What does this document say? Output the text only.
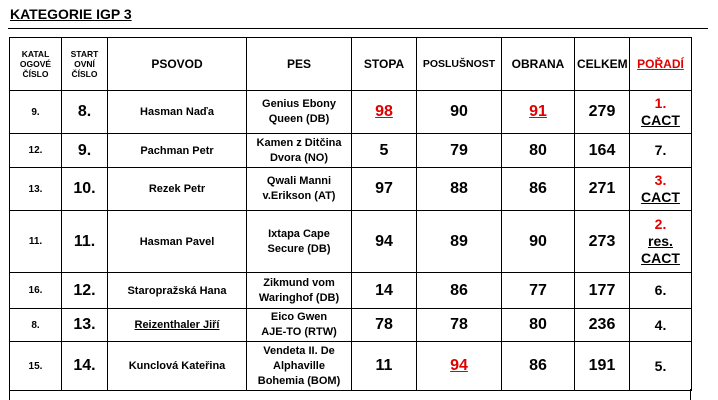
KATEGORIE IGP 3
KATAL OGOVÉ ČÍSLO	START OVNÍ ČÍSLO	PSOVOD	PES	STOPA	POSLUŠNOST	OBRANA	CELKEM	POŘADÍ
9.	8.	Hasman Naďa	Genius Ebony
Queen (DB)	98	90	91	279	1.
CACT
12.	9.	Pachman Petr	Kamen z Ditčina
Dvora (NO)	5	79	80	164	7.
13.	10.	Rezek Petr	Qwali Manni
v.Erikson (AT)	97	88	86	271	3.
CACT
11.	11.	Hasman Pavel	Ixtapa Cape
Secure (DB)	94	89	90	273	2.
res.
CACT
16.	12.	Staropražská Hana	Zikmund vom
Waringhof (DB)	14	86	77	177	6.
8.	13.	Reizenthaler Jiří	Eico Gwen
AJE-TO (RTW)	78	78	80	236	4.
15.	14.	Kunclová Kateřina	Vendeta II. De
Alphaville
Bohemia (BOM)	11	94	86	191	5.
